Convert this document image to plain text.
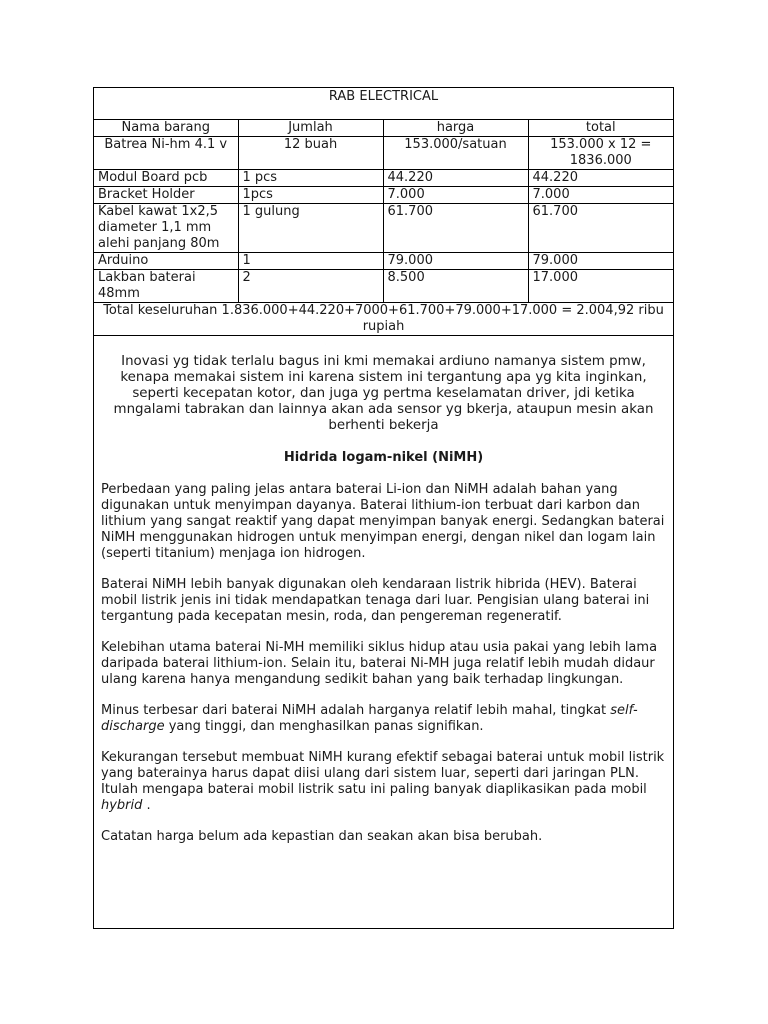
RAB ELECTRICAL			
Nama barang	Jumlah	harga	total
Batrea Ni-hm 4.1 v	12 buah	153.000/satuan	153.000 x 12 = 1836.000
Modul Board pcb	1 pcs	44.220	44.220
Bracket Holder	1pcs	7.000	7.000
Kabel kawat 1x2,5 diameter 1,1 mm alehi panjang 80m	1 gulung	61.700	61.700
Arduino	1	79.000	79.000
Lakban baterai 48mm	2	8.500	17.000
Total keseluruhan 1.836.000+44.220+7000+61.700+79.000+17.000 = 2.004,92 ribu rupiah			

Inovasi yg tidak terlalu bagus ini kmi memakai ardiuno namanya sistem pmw, kenapa memakai sistem ini karena sistem ini tergantung apa yg kita inginkan, seperti kecepatan kotor, dan juga yg pertma keselamatan driver, jdi ketika mngalami tabrakan dan lainnya akan ada sensor yg bkerja, ataupun mesin akan berhenti bekerja

Hidrida logam-nikel (NiMH)

Perbedaan yang paling jelas antara baterai Li-ion dan NiMH adalah bahan yang digunakan untuk menyimpan dayanya. Baterai lithium-ion terbuat dari karbon dan lithium yang sangat reaktif yang dapat menyimpan banyak energi. Sedangkan baterai NiMH menggunakan hidrogen untuk menyimpan energi, dengan nikel dan logam lain (seperti titanium) menjaga ion hidrogen.

Baterai NiMH lebih banyak digunakan oleh kendaraan listrik hibrida (HEV). Baterai mobil listrik jenis ini tidak mendapatkan tenaga dari luar. Pengisian ulang baterai ini tergantung pada kecepatan mesin, roda, dan pengereman regeneratif.

Kelebihan utama baterai Ni-MH memiliki siklus hidup atau usia pakai yang lebih lama daripada baterai lithium-ion. Selain itu, baterai Ni-MH juga relatif lebih mudah didaur ulang karena hanya mengandung sedikit bahan yang baik terhadap lingkungan.

Minus terbesar dari baterai NiMH adalah harganya relatif lebih mahal, tingkat self-discharge yang tinggi, dan menghasilkan panas signifikan.

Kekurangan tersebut membuat NiMH kurang efektif sebagai baterai untuk mobil listrik yang baterainya harus dapat diisi ulang dari sistem luar, seperti dari jaringan PLN. Itulah mengapa baterai mobil listrik satu ini paling banyak diaplikasikan pada mobil hybrid .

Catatan harga belum ada kepastian dan seakan akan bisa berubah.
